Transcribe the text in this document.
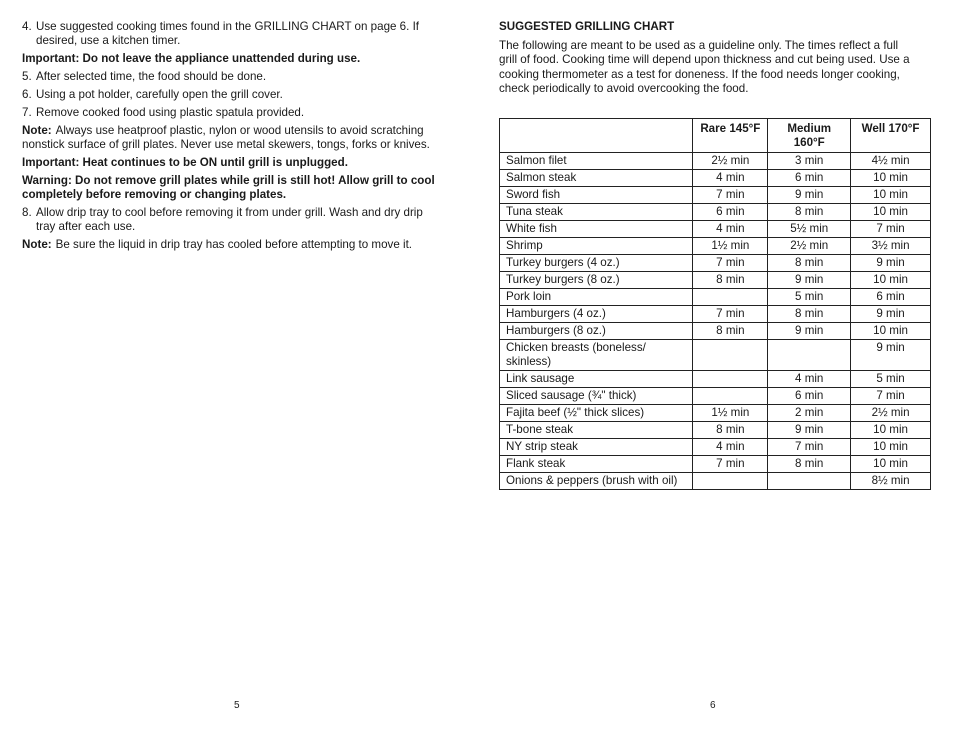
4. Use suggested cooking times found in the GRILLING CHART on page 6. If desired, use a kitchen timer.
Important: Do not leave the appliance unattended during use.
5. After selected time, the food should be done.
6. Using a pot holder, carefully open the grill cover.
7. Remove cooked food using plastic spatula provided.
Note: Always use heatproof plastic, nylon or wood utensils to avoid scratching nonstick surface of grill plates. Never use metal skewers, tongs, forks or knives.
Important: Heat continues to be ON until grill is unplugged.
Warning: Do not remove grill plates while grill is still hot! Allow grill to cool completely before removing or changing plates.
8. Allow drip tray to cool before removing it from under grill. Wash and dry drip tray after each use.
Note: Be sure the liquid in drip tray has cooled before attempting to move it.
5
SUGGESTED GRILLING CHART
The following are meant to be used as a guideline only. The times reflect a full grill of food. Cooking time will depend upon thickness and cut being used. Use a cooking thermometer as a test for doneness. If the food needs longer cooking, check periodically to avoid overcooking the food.
	Rare 145°F	Medium 160°F	Well 170°F
Salmon filet	2½ min	3 min	4½ min
Salmon steak	4 min	6 min	10 min
Sword fish	7 min	9 min	10 min
Tuna steak	6 min	8 min	10 min
White fish	4 min	5½ min	7 min
Shrimp	1½ min	2½ min	3½ min
Turkey burgers (4 oz.)	7 min	8 min	9 min
Turkey burgers (8 oz.)	8 min	9 min	10 min
Pork loin		5 min	6 min
Hamburgers (4 oz.)	7 min	8 min	9 min
Hamburgers (8 oz.)	8 min	9 min	10 min
Chicken breasts (boneless/ skinless)			9 min
Link sausage		4 min	5 min
Sliced sausage (¾" thick)		6 min	7 min
Fajita beef (½" thick slices)	1½ min	2 min	2½ min
T-bone steak	8 min	9 min	10 min
NY strip steak	4 min	7 min	10 min
Flank steak	7 min	8 min	10 min
Onions & peppers (brush with oil)			8½ min
6
